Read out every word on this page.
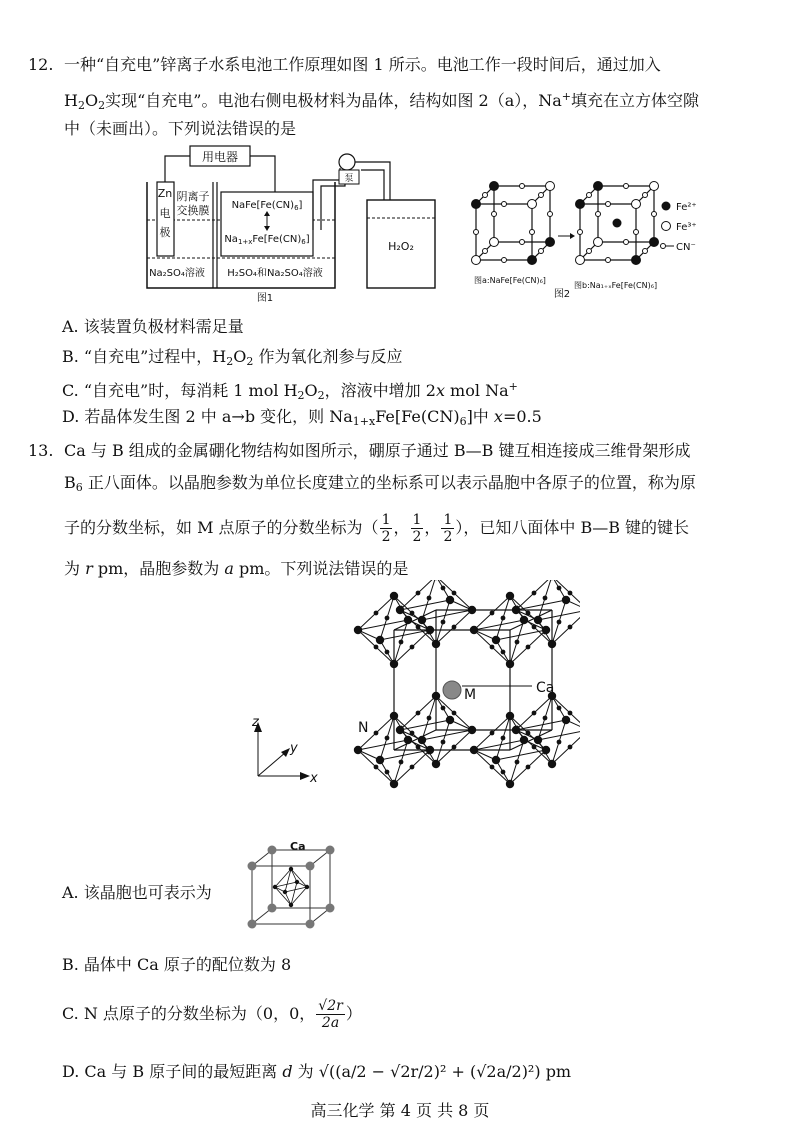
12. 一种“自充电”锌离子水系电池工作原理如图 1 所示。电池工作一段时间后，通过加入
$H_2O_2$实现“自充电”。电池右侧电极材料为晶体，结构如图 2（a），Na+填充在立方体空隙
中（未画出）。下列说法错误的是
用电器
Zn
电
极
阴离子
交换膜 $NaFe[Fe(CN)_6]$
$Na_{1+x}Fe[Fe(CN)_6]$
Na₂SO₄溶液 H₂SO₄和Na₂SO₄溶液
泵
H₂O₂
图1
Fe²⁺
Fe³⁺
CN⁻
图a:NaFe[Fe(CN)₆]
图b:Na₁₊ₓFe[Fe(CN)₆]
图2
A. 该装置负极材料需足量
B. “自充电”过程中，$H_2O_2$ 作为氧化剂参与反应
C. “自充电”时，每消耗 1 mol $H_2O_2$，溶液中增加 2x mol Na+
D. 若晶体发生图 2 中 a→b 变化，则 $Na_{1+x}Fe[Fe(CN)_6]$中 x=0.5
13. Ca 与 B 组成的金属硼化物结构如图所示，硼原子通过 B—B 键互相连接成三维骨架形成
$B_6$ 正八面体。以晶胞参数为单位长度建立的坐标系可以表示晶胞中各原子的位置，称为原
子的分数坐标，如 M 点原子的分数坐标为（ $\frac{1}{2}$ ， $\frac{1}{2}$ ， $\frac{1}{2}$ ），已知八面体中 B—B 键的键长
为 r pm，晶胞参数为 a pm。下列说法错误的是
M	Ca
N
z
y
x
A. 该晶胞也可表示为
Ca
B. 晶体中 Ca 原子的配位数为 8
C. N 点原子的分数坐标为（0，0， $\frac{√2r}{2a}$ ）
D. Ca 与 B 原子间的最短距离 d 为 √((a/2 − √2r/2)² + (√2a/2)²) pm
高三化学 第 4 页 共 8 页
